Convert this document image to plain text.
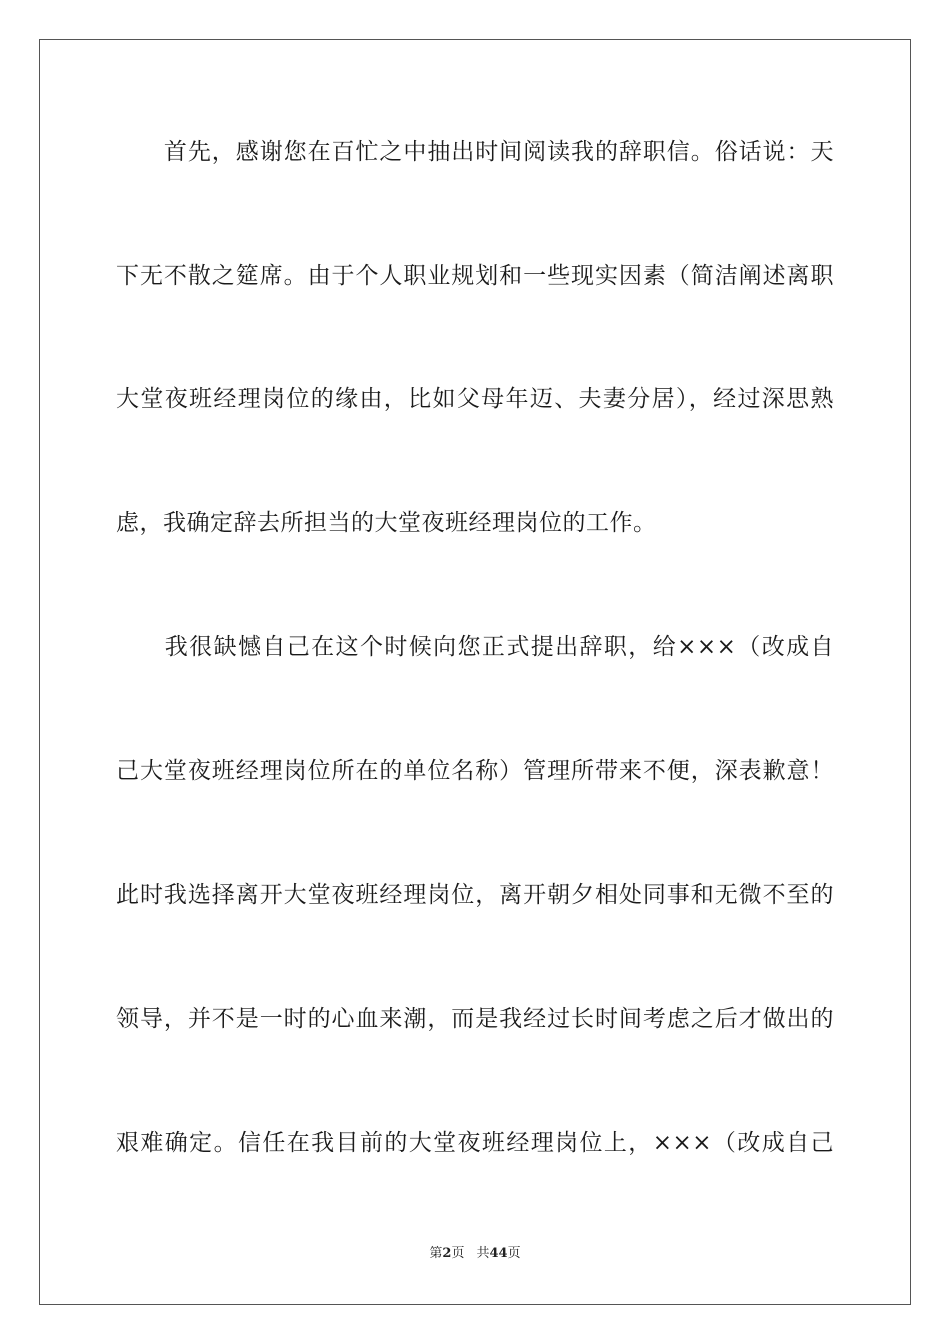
　　首先，感谢您在百忙之中抽出时间阅读我的辞职信。俗话说：天
下无不散之筵席。由于个人职业规划和一些现实因素（简洁阐述离职
大堂夜班经理岗位的缘由，比如父母年迈、夫妻分居），经过深思熟
虑，我确定辞去所担当的大堂夜班经理岗位的工作。
　　我很缺憾自己在这个时候向您正式提出辞职，给×××（改成自
己大堂夜班经理岗位所在的单位名称）管理所带来不便，深表歉意！
此时我选择离开大堂夜班经理岗位，离开朝夕相处同事和无微不至的
领导，并不是一时的心血来潮，而是我经过长时间考虑之后才做出的
艰难确定。信任在我目前的大堂夜班经理岗位上，×××（改成自己
第2页 共44页
